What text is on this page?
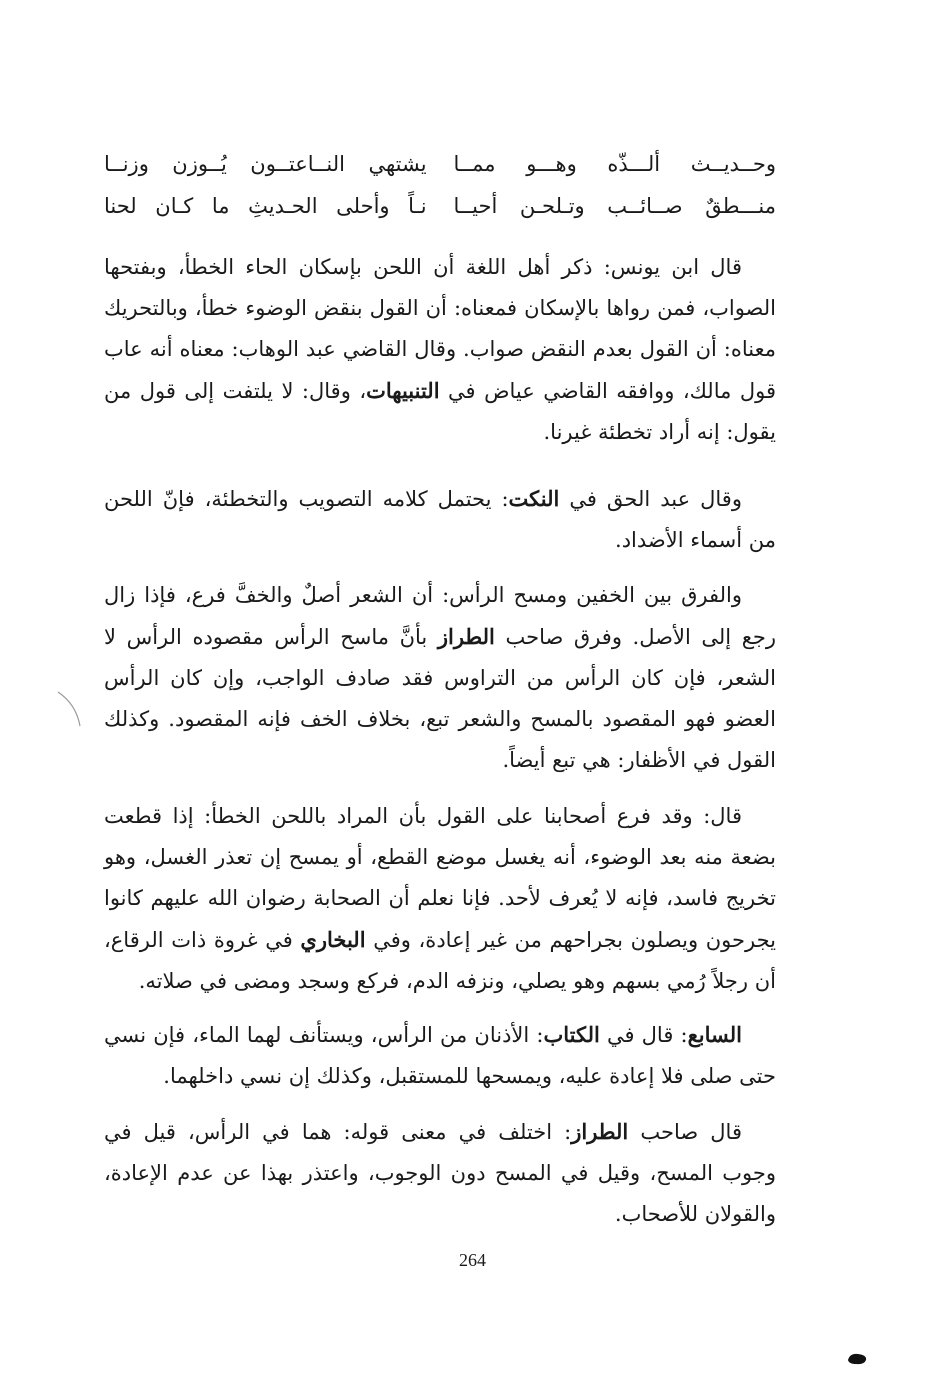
وحــديــث ألـــذّه وهـــو ممــا
يشتهي النــاعتــون يُــوزن وزنــا
منـــطقٌ صــائــب وتـلحـن أحيــا
نـاً وأحلى الحـديثِ ما كـان لحنا

قال ابن يونس: ذكر أهل اللغة أن اللحن بإسكان الحاء الخطأ، وبفتحها الصواب، فمن رواها بالإسكان فمعناه: أن القول بنقض الوضوء خطأ، وبالتحريك معناه: أن القول بعدم النقض صواب. وقال القاضي عبد الوهاب: معناه أنه عاب قول مالك، ووافقه القاضي عياض في التنبيهات، وقال: لا يلتفت إلى قول من يقول: إنه أراد تخطئة غيرنا.

وقال عبد الحق في النكت: يحتمل كلامه التصويب والتخطئة، فإنّ اللحن من أسماء الأضداد.

والفرق بين الخفين ومسح الرأس: أن الشعر أصلٌ والخفَّ فرع، فإذا زال رجع إلى الأصل. وفرق صاحب الطراز بأنَّ ماسح الرأس مقصوده الرأس لا الشعر، فإن كان الرأس من التراوس فقد صادف الواجب، وإن كان الرأس العضو فهو المقصود بالمسح والشعر تبع، بخلاف الخف فإنه المقصود. وكذلك القول في الأظفار: هي تبع أيضاً.

قال: وقد فرع أصحابنا على القول بأن المراد باللحن الخطأ: إذا قطعت بضعة منه بعد الوضوء، أنه يغسل موضع القطع، أو يمسح إن تعذر الغسل، وهو تخريج فاسد، فإنه لا يُعرف لأحد. فإنا نعلم أن الصحابة رضوان الله عليهم كانوا يجرحون ويصلون بجراحهم من غير إعادة، وفي البخاري في غروة ذات الرقاع، أن رجلاً رُمي بسهم وهو يصلي، ونزفه الدم، فركع وسجد ومضى في صلاته.

السابع: قال في الكتاب: الأذنان من الرأس، ويستأنف لهما الماء، فإن نسي حتى صلى فلا إعادة عليه، ويمسحها للمستقبل، وكذلك إن نسي داخلهما.

قال صاحب الطراز: اختلف في معنى قوله: هما في الرأس، قيل في وجوب المسح، وقيل في المسح دون الوجوب، واعتذر بهذا عن عدم الإعادة، والقولان للأصحاب.

264
